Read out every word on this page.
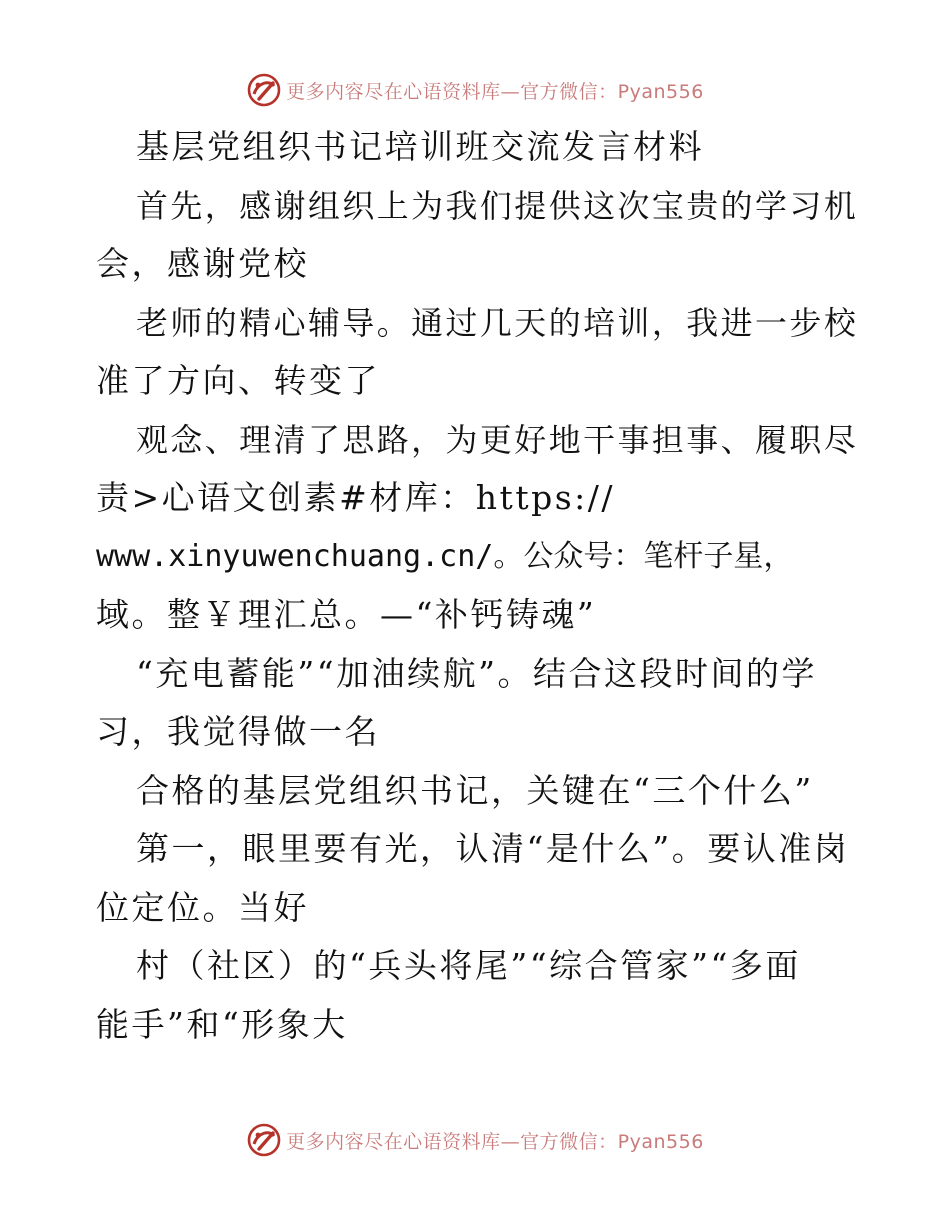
更多内容尽在心语资料库—官方微信：Pyan556
基层党组织书记培训班交流发言材料
首先，感谢组织上为我们提供这次宝贵的学习机
会，感谢党校
老师的精心辅导。通过几天的培训，我进一步校
准了方向、转变了
观念、理清了思路，为更好地干事担事、履职尽
责>心语文创素#材库：https://
www.xinyuwenchuang.cn/。公众号：笔杆子星，
域。整￥理汇总。—“补钙铸魂”
“充电蓄能”“加油续航”。结合这段时间的学
习，我觉得做一名
合格的基层党组织书记，关键在“三个什么”
第一，眼里要有光，认清“是什么”。要认准岗
位定位。当好
村（社区）的“兵头将尾”“综合管家”“多面
能手”和“形象大
更多内容尽在心语资料库—官方微信：Pyan556
